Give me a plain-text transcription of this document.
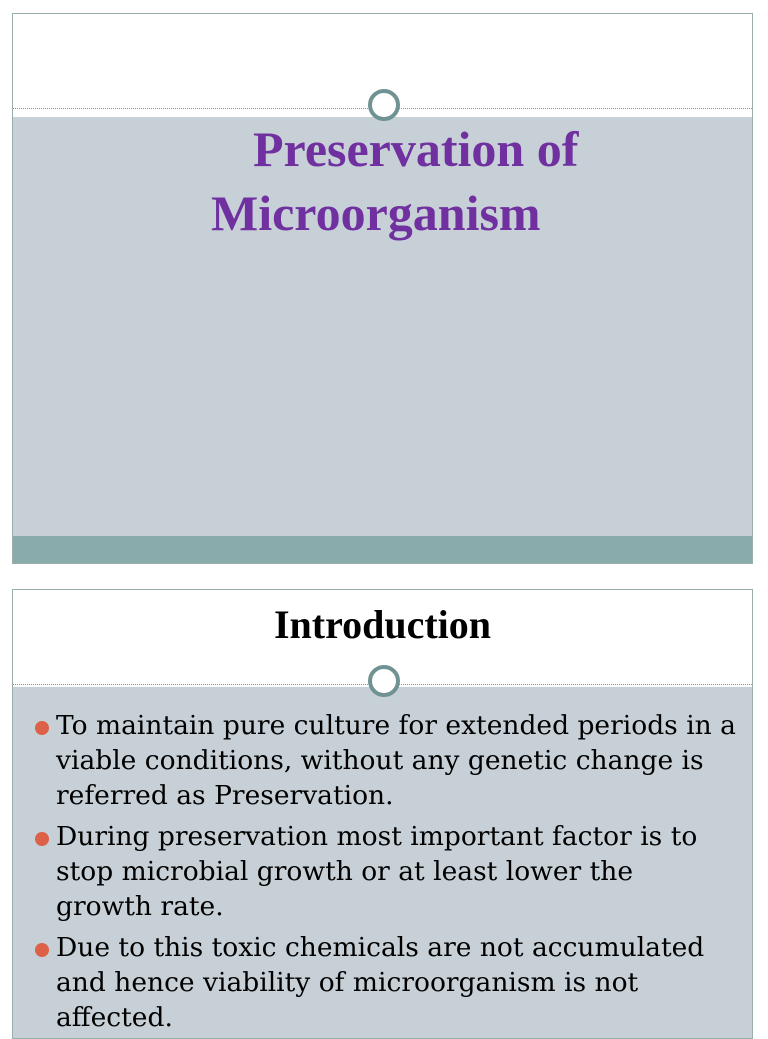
Preservation of
Microorganism
Introduction
To maintain pure culture for extended periods in a viable conditions, without any genetic change is referred as Preservation.
During preservation most important factor is to stop microbial growth or at least lower the growth rate.
Due to this toxic chemicals are not accumulated and hence viability of microorganism is not affected.
